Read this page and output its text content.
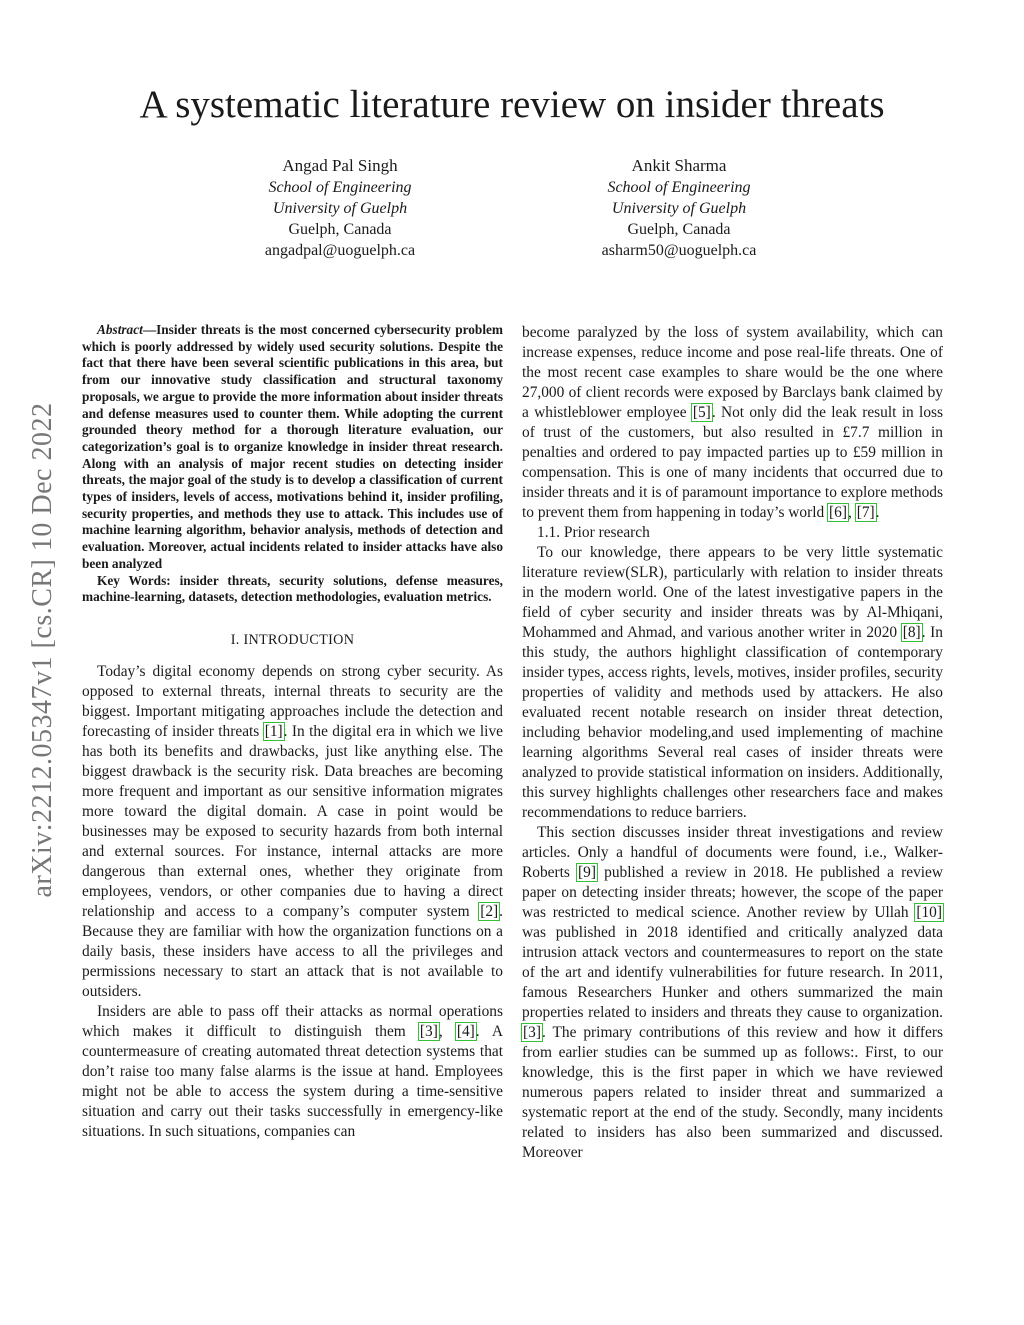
arXiv:2212.05347v1 [cs.CR] 10 Dec 2022
A systematic literature review on insider threats
Angad Pal Singh
School of Engineering
University of Guelph
Guelph, Canada
angadpal@uoguelph.ca
Ankit Sharma
School of Engineering
University of Guelph
Guelph, Canada
asharm50@uoguelph.ca

Abstract—Insider threats is the most concerned cybersecurity problem which is poorly addressed by widely used security solutions. Despite the fact that there have been several scientific publications in this area, but from our innovative study classification and structural taxonomy proposals, we argue to provide the more information about insider threats and defense measures used to counter them. While adopting the current grounded theory method for a thorough literature evaluation, our categorization’s goal is to organize knowledge in insider threat research. Along with an analysis of major recent studies on detecting insider threats, the major goal of the study is to develop a classification of current types of insiders, levels of access, motivations behind it, insider profiling, security properties, and methods they use to attack. This includes use of machine learning algorithm, behavior analysis, methods of detection and evaluation. Moreover, actual incidents related to insider attacks have also been analyzed

Key Words: insider threats, security solutions, defense measures, machine-learning, datasets, detection methodologies, evaluation metrics.

I. INTRODUCTION

Today’s digital economy depends on strong cyber security. As opposed to external threats, internal threats to security are the biggest. Important mitigating approaches include the detection and forecasting of insider threats [1]. In the digital era in which we live has both its benefits and drawbacks, just like anything else. The biggest drawback is the security risk. Data breaches are becoming more frequent and important as our sensitive information migrates more toward the digital domain. A case in point would be businesses may be exposed to security hazards from both internal and external sources. For instance, internal attacks are more dangerous than external ones, whether they originate from employees, vendors, or other companies due to having a direct relationship and access to a company’s computer system [2]. Because they are familiar with how the organization functions on a daily basis, these insiders have access to all the privileges and permissions necessary to start an attack that is not available to outsiders.

Insiders are able to pass off their attacks as normal operations which makes it difficult to distinguish them [3], [4]. A countermeasure of creating automated threat detection systems that don’t raise too many false alarms is the issue at hand. Employees might not be able to access the system during a time-sensitive situation and carry out their tasks successfully in emergency-like situations. In such situations, companies can

become paralyzed by the loss of system availability, which can increase expenses, reduce income and pose real-life threats. One of the most recent case examples to share would be the one where 27,000 of client records were exposed by Barclays bank claimed by a whistleblower employee [5]. Not only did the leak result in loss of trust of the customers, but also resulted in £7.7 million in penalties and ordered to pay impacted parties up to £59 million in compensation. This is one of many incidents that occurred due to insider threats and it is of paramount importance to explore methods to prevent them from happening in today’s world [6], [7].

1.1. Prior research

To our knowledge, there appears to be very little systematic literature review(SLR), particularly with relation to insider threats in the modern world. One of the latest investigative papers in the field of cyber security and insider threats was by Al-Mhiqani, Mohammed and Ahmad, and various another writer in 2020 [8]. In this study, the authors highlight classification of contemporary insider types, access rights, levels, motives, insider profiles, security properties of validity and methods used by attackers. He also evaluated recent notable research on insider threat detection, including behavior modeling,and used implementing of machine learning algorithms Several real cases of insider threats were analyzed to provide statistical information on insiders. Additionally, this survey highlights challenges other researchers face and makes recommendations to reduce barriers.

This section discusses insider threat investigations and review articles. Only a handful of documents were found, i.e., Walker-Roberts [9] published a review in 2018. He published a review paper on detecting insider threats; however, the scope of the paper was restricted to medical science. Another review by Ullah [10] was published in 2018 identified and critically analyzed data intrusion attack vectors and countermeasures to report on the state of the art and identify vulnerabilities for future research. In 2011, famous Researchers Hunker and others summarized the main properties related to insiders and threats they cause to organization. [3]. The primary contributions of this review and how it differs from earlier studies can be summed up as follows:. First, to our knowledge, this is the first paper in which we have reviewed numerous papers related to insider threat and summarized a systematic report at the end of the study. Secondly, many incidents related to insiders has also been summarized and discussed. Moreover
